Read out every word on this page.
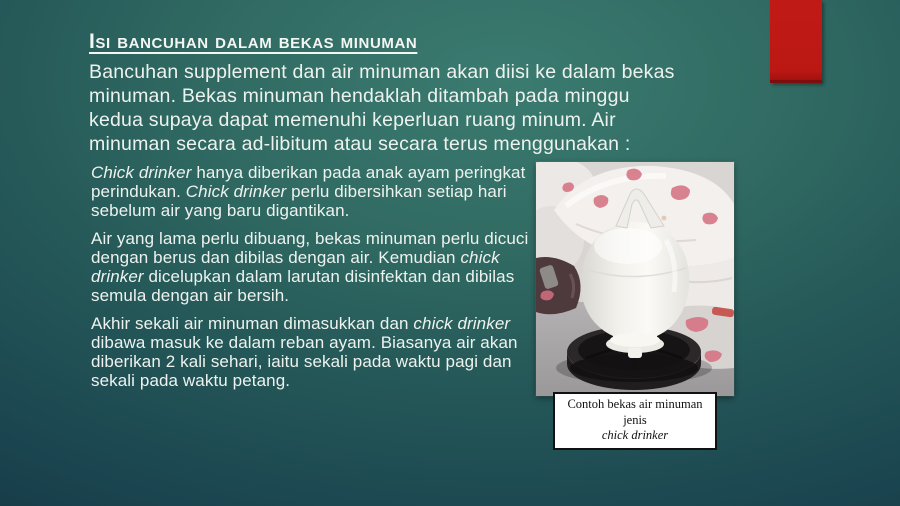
Isi bancuhan dalam bekas minuman

Bancuhan supplement dan air minuman akan diisi ke dalam bekas minuman. Bekas minuman hendaklah ditambah pada minggu kedua supaya dapat memenuhi keperluan ruang minum. Air minuman secara ad-libitum atau secara terus menggunakan :

Chick drinker hanya diberikan pada anak ayam peringkat perindukan. Chick drinker perlu dibersihkan setiap hari sebelum air yang baru digantikan.

Air yang lama perlu dibuang, bekas minuman perlu dicuci dengan berus dan dibilas dengan air. Kemudian chick drinker dicelupkan dalam larutan disinfektan dan dibilas semula dengan air bersih.

Akhir sekali air minuman dimasukkan dan chick drinker dibawa masuk ke dalam reban ayam. Biasanya air akan diberikan 2 kali sehari, iaitu sekali pada waktu pagi dan sekali pada waktu petang.

Contoh bekas air minuman jenis
chick drinker
